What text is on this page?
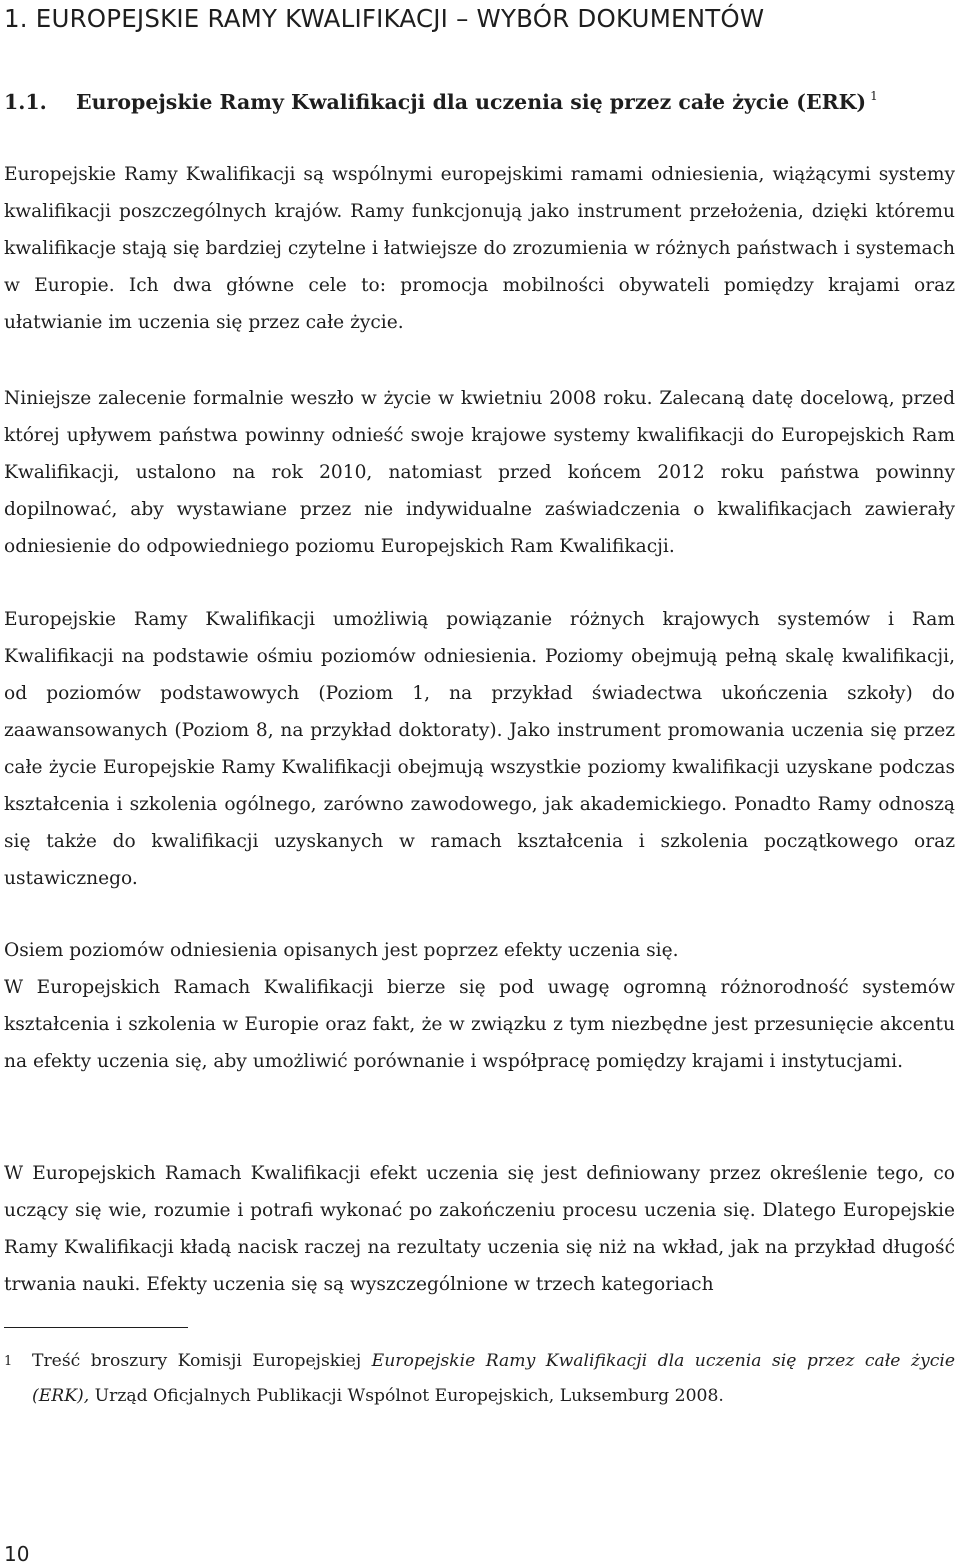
1. EUROPEJSKIE RAMY KWALIFIKACJI – WYBÓR DOKUMENTÓW
1.1. Europejskie Ramy Kwalifikacji dla uczenia się przez całe życie (ERK) $^1$

Europejskie Ramy Kwalifikacji są wspólnymi europejskimi ramami odniesienia, wiążącymi systemy kwalifikacji poszczególnych krajów. Ramy funkcjonują jako instrument przełożenia, dzięki któremu kwalifikacje stają się bardziej czytelne i łatwiejsze do zrozumienia w różnych państwach i systemach w Europie. Ich dwa główne cele to: promocja mobilności obywateli pomiędzy krajami oraz ułatwianie im uczenia się przez całe życie.

Niniejsze zalecenie formalnie weszło w życie w kwietniu 2008 roku. Zalecaną datę docelową, przed której upływem państwa powinny odnieść swoje krajowe systemy kwalifikacji do Europejskich Ram Kwalifikacji, ustalono na rok 2010, natomiast przed końcem 2012 roku państwa powinny dopilnować, aby wystawiane przez nie indywidualne zaświadczenia o kwalifikacjach zawierały odniesienie do odpowiedniego poziomu Europejskich Ram Kwalifikacji.

Europejskie Ramy Kwalifikacji umożliwią powiązanie różnych krajowych systemów i Ram Kwalifikacji na podstawie ośmiu poziomów odniesienia. Poziomy obejmują pełną skalę kwalifikacji, od poziomów podstawowych (Poziom 1, na przykład świadectwa ukończenia szkoły) do zaawansowanych (Poziom 8, na przykład doktoraty). Jako instrument promowania uczenia się przez całe życie Europejskie Ramy Kwalifikacji obejmują wszystkie poziomy kwalifikacji uzyskane podczas kształcenia i szkolenia ogólnego, zarówno zawodowego, jak akademickiego. Ponadto Ramy odnoszą się także do kwalifikacji uzyskanych w ramach kształcenia i szkolenia początkowego oraz ustawicznego.

Osiem poziomów odniesienia opisanych jest poprzez efekty uczenia się.
W Europejskich Ramach Kwalifikacji bierze się pod uwagę ogromną różnorodność systemów kształcenia i szkolenia w Europie oraz fakt, że w związku z tym niezbędne jest przesunięcie akcentu na efekty uczenia się, aby umożliwić porównanie i współpracę pomiędzy krajami i instytucjami.

W Europejskich Ramach Kwalifikacji efekt uczenia się jest definiowany przez określenie tego, co uczący się wie, rozumie i potrafi wykonać po zakończeniu procesu uczenia się. Dlatego Europejskie Ramy Kwalifikacji kładą nacisk raczej na rezultaty uczenia się niż na wkład, jak na przykład długość trwania nauki. Efekty uczenia się są wyszczególnione w trzech kategoriach

1 Treść broszury Komisji Europejskiej Europejskie Ramy Kwalifikacji dla uczenia się przez całe życie (ERK), Urząd Oficjalnych Publikacji Wspólnot Europejskich, Luksemburg 2008.
10
